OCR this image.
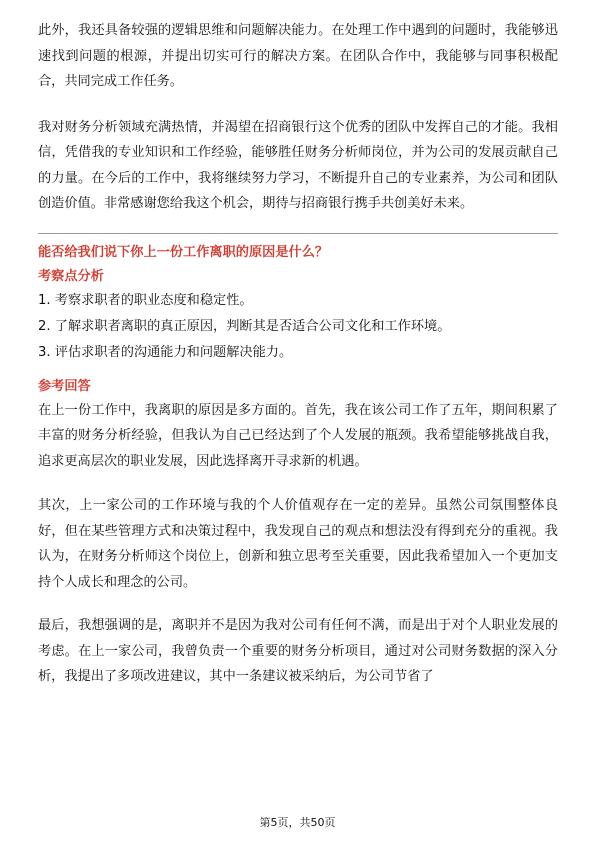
此外，我还具备较强的逻辑思维和问题解决能力。在处理工作中遇到的问题时，我能够迅速找到问题的根源，并提出切实可行的解决方案。在团队合作中，我能够与同事积极配合，共同完成工作任务。

我对财务分析领域充满热情，并渴望在招商银行这个优秀的团队中发挥自己的才能。我相信，凭借我的专业知识和工作经验，能够胜任财务分析师岗位，并为公司的发展贡献自己的力量。在今后的工作中，我将继续努力学习，不断提升自己的专业素养，为公司和团队创造价值。非常感谢您给我这个机会，期待与招商银行携手共创美好未来。

能否给我们说下你上一份工作离职的原因是什么？

考察点分析

1. 考察求职者的职业态度和稳定性。
2. 了解求职者离职的真正原因，判断其是否适合公司文化和工作环境。
3. 评估求职者的沟通能力和问题解决能力。

参考回答

在上一份工作中，我离职的原因是多方面的。首先，我在该公司工作了五年，期间积累了丰富的财务分析经验，但我认为自己已经达到了个人发展的瓶颈。我希望能够挑战自我，追求更高层次的职业发展，因此选择离开寻求新的机遇。

其次，上一家公司的工作环境与我的个人价值观存在一定的差异。虽然公司氛围整体良好，但在某些管理方式和决策过程中，我发现自己的观点和想法没有得到充分的重视。我认为，在财务分析师这个岗位上，创新和独立思考至关重要，因此我希望加入一个更加支持个人成长和理念的公司。

最后，我想强调的是，离职并不是因为我对公司有任何不满，而是出于对个人职业发展的考虑。在上一家公司，我曾负责一个重要的财务分析项目，通过对公司财务数据的深入分析，我提出了多项改进建议，其中一条建议被采纳后，为公司节省了

第5页，共50页
